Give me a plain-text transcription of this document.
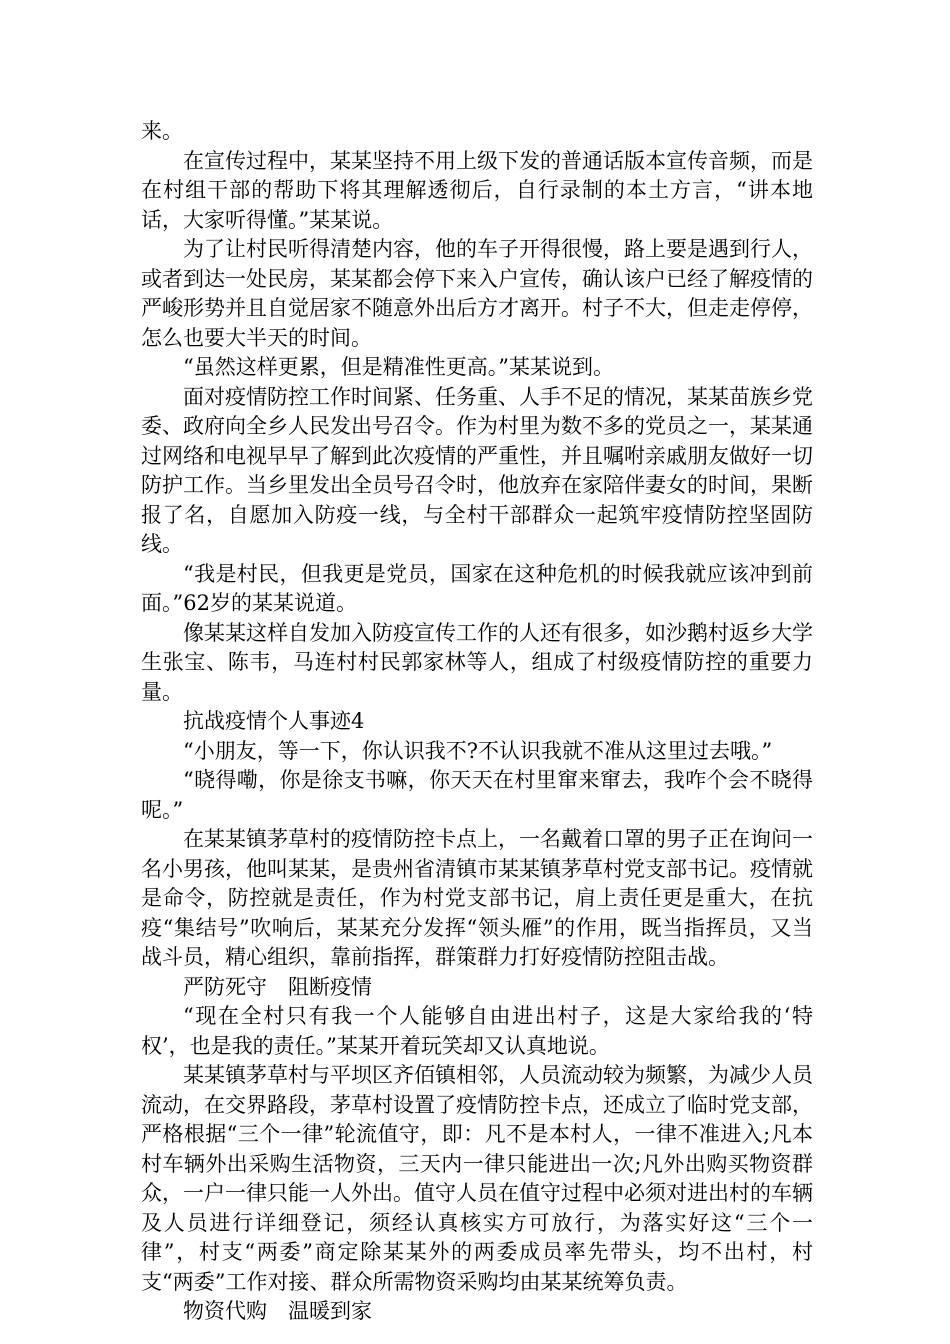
来。

在宣传过程中，某某坚持不用上级下发的普通话版本宣传音频，而是在村组干部的帮助下将其理解透彻后，自行录制的本土方言，“讲本地话，大家听得懂。”某某说。

为了让村民听得清楚内容，他的车子开得很慢，路上要是遇到行人，或者到达一处民房，某某都会停下来入户宣传，确认该户已经了解疫情的严峻形势并且自觉居家不随意外出后方才离开。村子不大，但走走停停，怎么也要大半天的时间。

“虽然这样更累，但是精准性更高。”某某说到。

面对疫情防控工作时间紧、任务重、人手不足的情况，某某苗族乡党委、政府向全乡人民发出号召令。作为村里为数不多的党员之一，某某通过网络和电视早早了解到此次疫情的严重性，并且嘱咐亲戚朋友做好一切防护工作。当乡里发出全员号召令时，他放弃在家陪伴妻女的时间，果断报了名，自愿加入防疫一线，与全村干部群众一起筑牢疫情防控坚固防线。

“我是村民，但我更是党员，国家在这种危机的时候我就应该冲到前面。”62岁的某某说道。

像某某这样自发加入防疫宣传工作的人还有很多，如沙鹅村返乡大学生张宝、陈韦，马连村村民郭家林等人，组成了村级疫情防控的重要力量。

抗战疫情个人事迹4

“小朋友，等一下，你认识我不?不认识我就不准从这里过去哦。”

“晓得嘞，你是徐支书嘛，你天天在村里窜来窜去，我咋个会不晓得呢。”

在某某镇茅草村的疫情防控卡点上，一名戴着口罩的男子正在询问一名小男孩，他叫某某，是贵州省清镇市某某镇茅草村党支部书记。疫情就是命令，防控就是责任，作为村党支部书记，肩上责任更是重大，在抗疫“集结号”吹响后，某某充分发挥“领头雁”的作用，既当指挥员，又当战斗员，精心组织，靠前指挥，群策群力打好疫情防控阻击战。

严防死守　阻断疫情

“现在全村只有我一个人能够自由进出村子，这是大家给我的‘特权’，也是我的责任。”某某开着玩笑却又认真地说。

某某镇茅草村与平坝区齐佰镇相邻，人员流动较为频繁，为减少人员流动，在交界路段，茅草村设置了疫情防控卡点，还成立了临时党支部，严格根据“三个一律”轮流值守，即：凡不是本村人，一律不准进入;凡本村车辆外出采购生活物资，三天内一律只能进出一次;凡外出购买物资群众，一户一律只能一人外出。值守人员在值守过程中必须对进出村的车辆及人员进行详细登记，须经认真核实方可放行，为落实好这“三个一律”，村支“两委”商定除某某外的两委成员率先带头，均不出村，村支“两委”工作对接、群众所需物资采购均由某某统筹负责。

物资代购　温暖到家
